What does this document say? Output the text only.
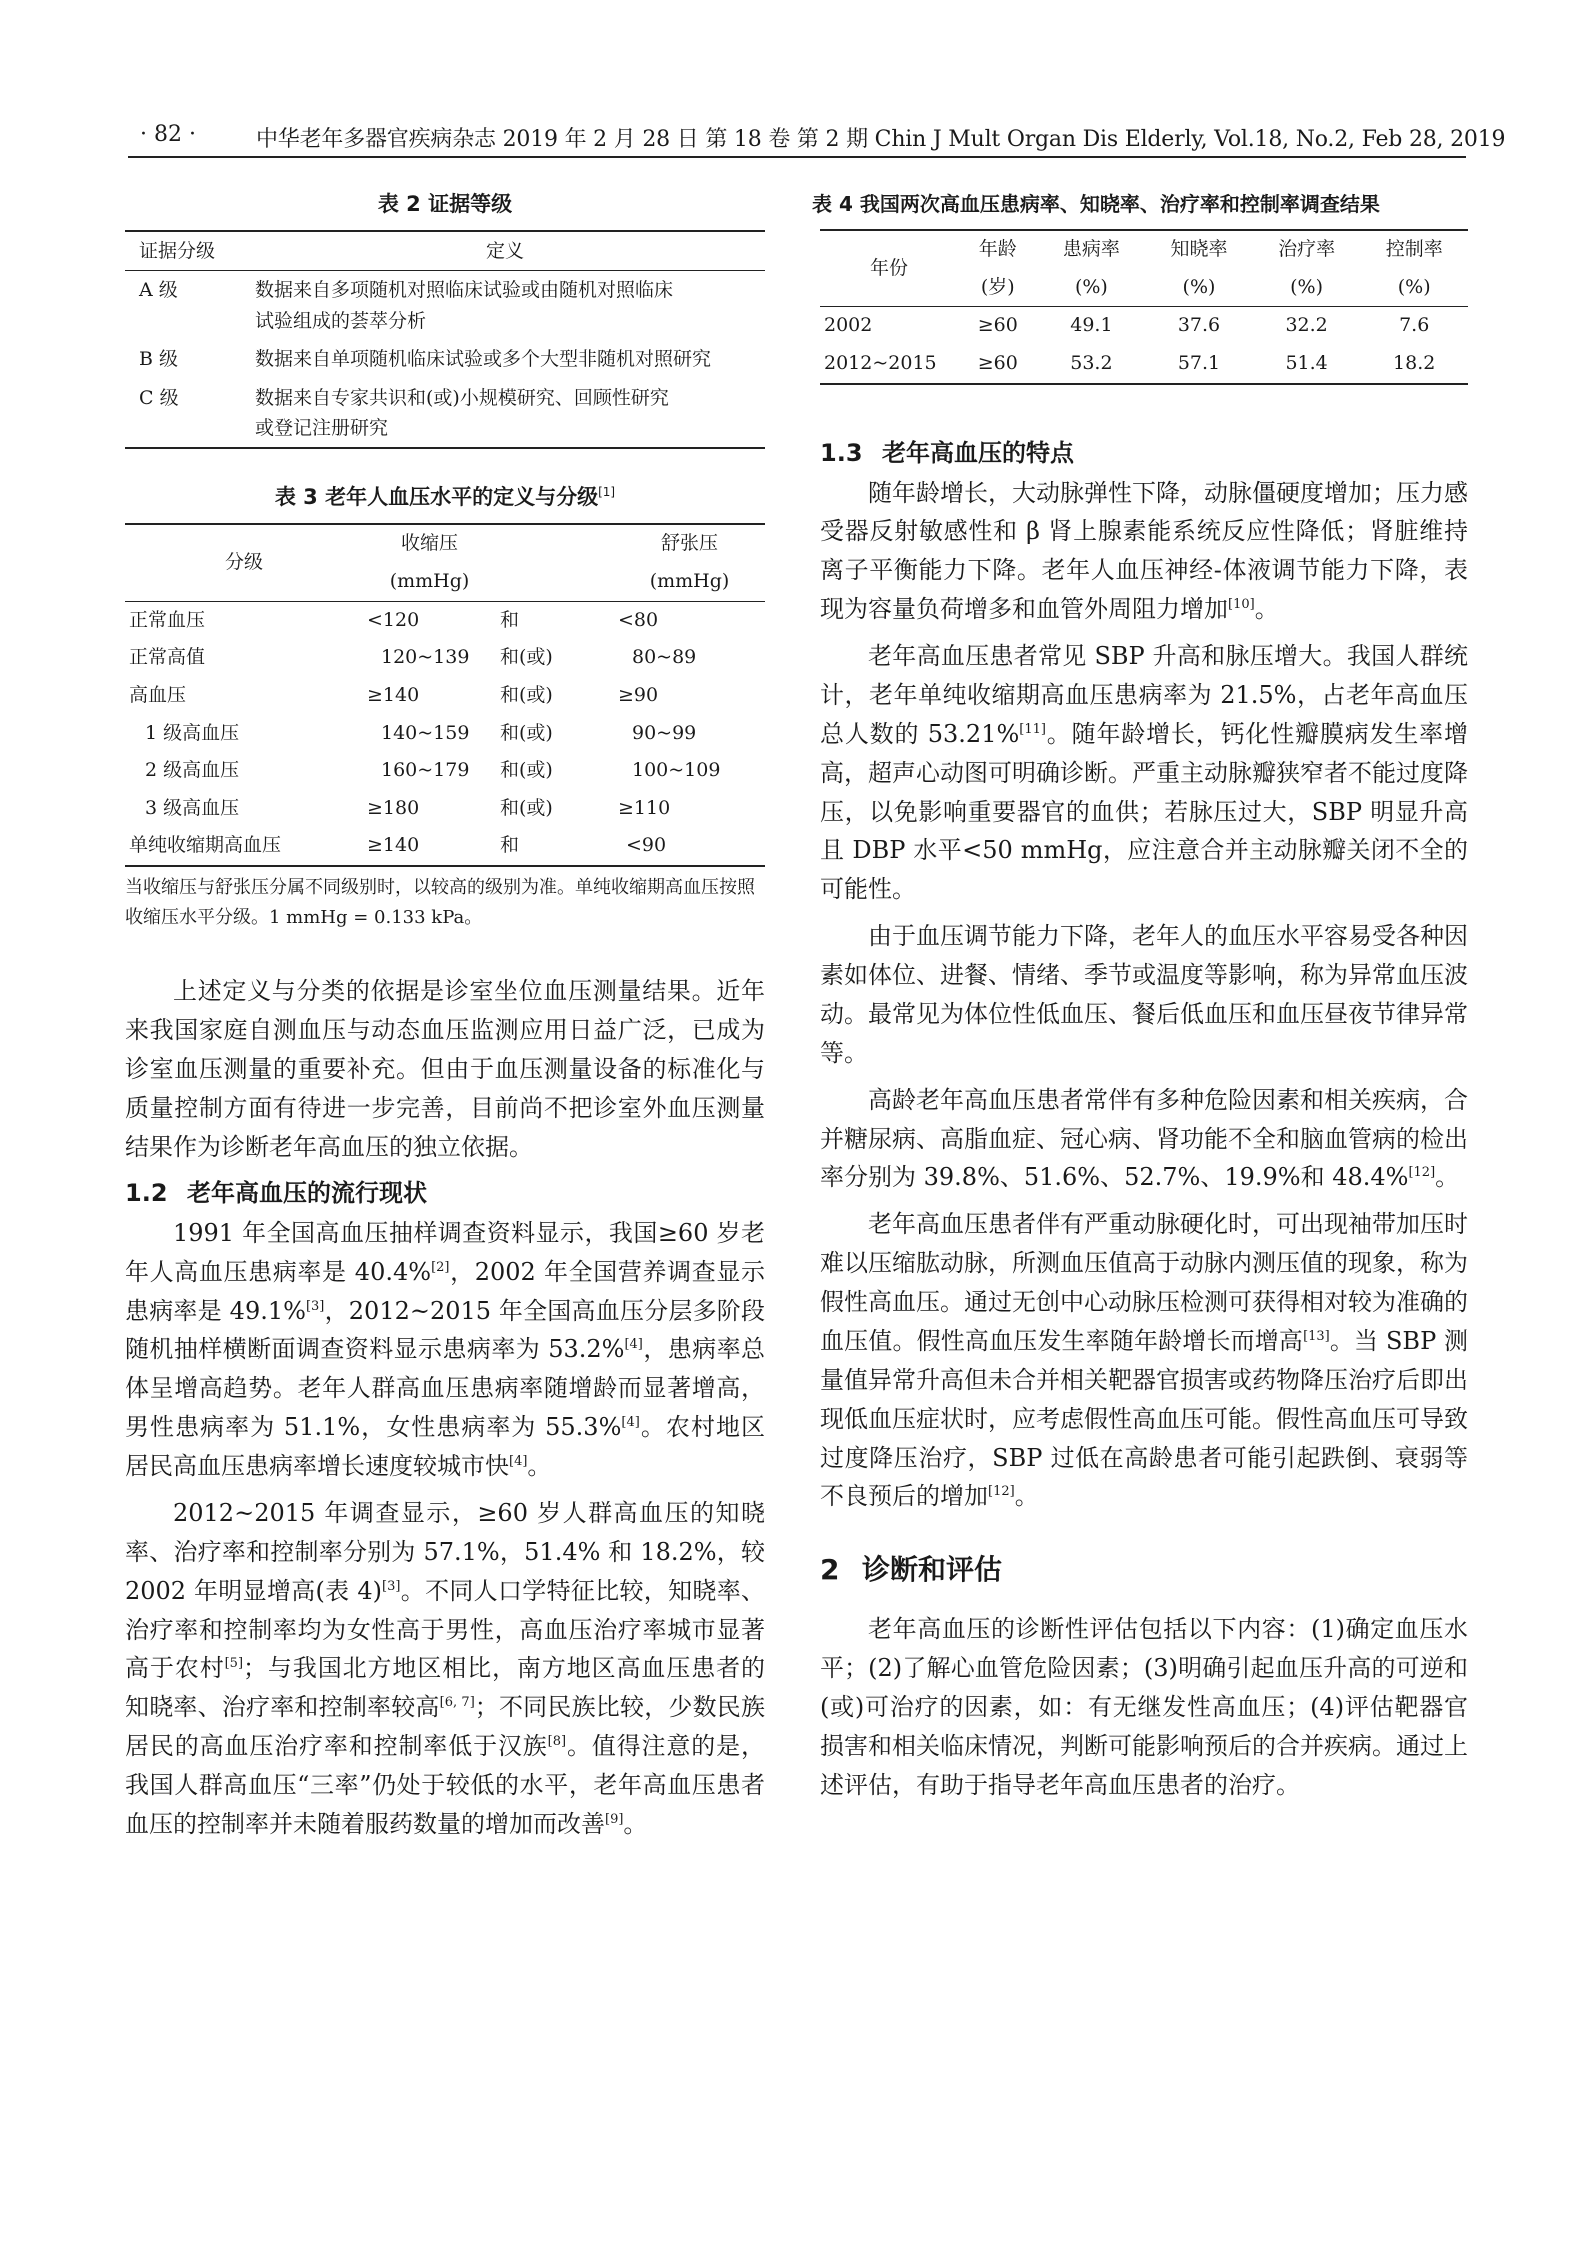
· 82 ·	中华老年多器官疾病杂志 2019 年 2 月 28 日 第 18 卷 第 2 期 Chin J Mult Organ Dis Elderly, Vol.18, No.2, Feb 28, 2019
表 2 证据等级
证据分级	定义
A 级	数据来自多项随机对照临床试验或由随机对照临床试验组成的荟萃分析
B 级	数据来自单项随机临床试验或多个大型非随机对照研究
C 级	数据来自专家共识和(或)小规模研究、回顾性研究或登记注册研究
表 3 老年人血压水平的定义与分级[1]
分级	收缩压		舒张压
	(mmHg)		(mmHg)
正常血压	<120	和	<80
正常高值	120~139	和(或)	80~89
高血压	≥140	和(或)	≥90
1 级高血压	140~159	和(或)	90~99
2 级高血压	160~179	和(或)	100~109
3 级高血压	≥180	和(或)	≥110
单纯收缩期高血压	≥140	和	<90
当收缩压与舒张压分属不同级别时，以较高的级别为准。单纯收缩期高血压按照收缩压水平分级。1 mmHg = 0.133 kPa。

上述定义与分类的依据是诊室坐位血压测量结果。近年来我国家庭自测血压与动态血压监测应用日益广泛，已成为诊室血压测量的重要补充。但由于血压测量设备的标准化与质量控制方面有待进一步完善，目前尚不把诊室外血压测量结果作为诊断老年高血压的独立依据。

1.2 老年高血压的流行现状

1991 年全国高血压抽样调查资料显示，我国≥60 岁老年人高血压患病率是 40.4%[2]，2002 年全国营养调查显示患病率是 49.1%[3]，2012~2015 年全国高血压分层多阶段随机抽样横断面调查资料显示患病率为 53.2%[4]，患病率总体呈增高趋势。老年人群高血压患病率随增龄而显著增高，男性患病率为 51.1%，女性患病率为 55.3%[4]。农村地区居民高血压患病率增长速度较城市快[4]。

2012~2015 年调查显示，≥60 岁人群高血压的知晓率、治疗率和控制率分别为 57.1%，51.4% 和 18.2%，较 2002 年明显增高(表 4)[3]。不同人口学特征比较，知晓率、治疗率和控制率均为女性高于男性，高血压治疗率城市显著高于农村[5]；与我国北方地区相比，南方地区高血压患者的知晓率、治疗率和控制率较高[6, 7]；不同民族比较，少数民族居民的高血压治疗率和控制率低于汉族[8]。值得注意的是，我国人群高血压“三率”仍处于较低的水平，老年高血压患者血压的控制率并未随着服药数量的增加而改善[9]。

表 4 我国两次高血压患病率、知晓率、治疗率和控制率调查结果
年份	年龄	患病率	知晓率	治疗率	控制率
	(岁)	(%)	(%)	(%)	(%)
2002	≥60	49.1	37.6	32.2	7.6
2012~2015	≥60	53.2	57.1	51.4	18.2
1.3 老年高血压的特点

随年龄增长，大动脉弹性下降，动脉僵硬度增加；压力感受器反射敏感性和 β 肾上腺素能系统反应性降低；肾脏维持离子平衡能力下降。老年人血压神经-体液调节能力下降，表现为容量负荷增多和血管外周阻力增加[10]。

老年高血压患者常见 SBP 升高和脉压增大。我国人群统计，老年单纯收缩期高血压患病率为 21.5%，占老年高血压总人数的 53.21%[11]。随年龄增长，钙化性瓣膜病发生率增高，超声心动图可明确诊断。严重主动脉瓣狭窄者不能过度降压，以免影响重要器官的血供；若脉压过大，SBP 明显升高且 DBP 水平<50 mmHg，应注意合并主动脉瓣关闭不全的可能性。

由于血压调节能力下降，老年人的血压水平容易受各种因素如体位、进餐、情绪、季节或温度等影响，称为异常血压波动。最常见为体位性低血压、餐后低血压和血压昼夜节律异常等。

高龄老年高血压患者常伴有多种危险因素和相关疾病，合并糖尿病、高脂血症、冠心病、肾功能不全和脑血管病的检出率分别为 39.8%、51.6%、52.7%、19.9%和 48.4%[12]。

老年高血压患者伴有严重动脉硬化时，可出现袖带加压时难以压缩肱动脉，所测血压值高于动脉内测压值的现象，称为假性高血压。通过无创中心动脉压检测可获得相对较为准确的血压值。假性高血压发生率随年龄增长而增高[13]。当 SBP 测量值异常升高但未合并相关靶器官损害或药物降压治疗后即出现低血压症状时，应考虑假性高血压可能。假性高血压可导致过度降压治疗，SBP 过低在高龄患者可能引起跌倒、衰弱等不良预后的增加[12]。

2 诊断和评估

老年高血压的诊断性评估包括以下内容：(1)确定血压水平；(2)了解心血管危险因素；(3)明确引起血压升高的可逆和(或)可治疗的因素，如：有无继发性高血压；(4)评估靶器官损害和相关临床情况，判断可能影响预后的合并疾病。通过上述评估，有助于指导老年高血压患者的治疗。
